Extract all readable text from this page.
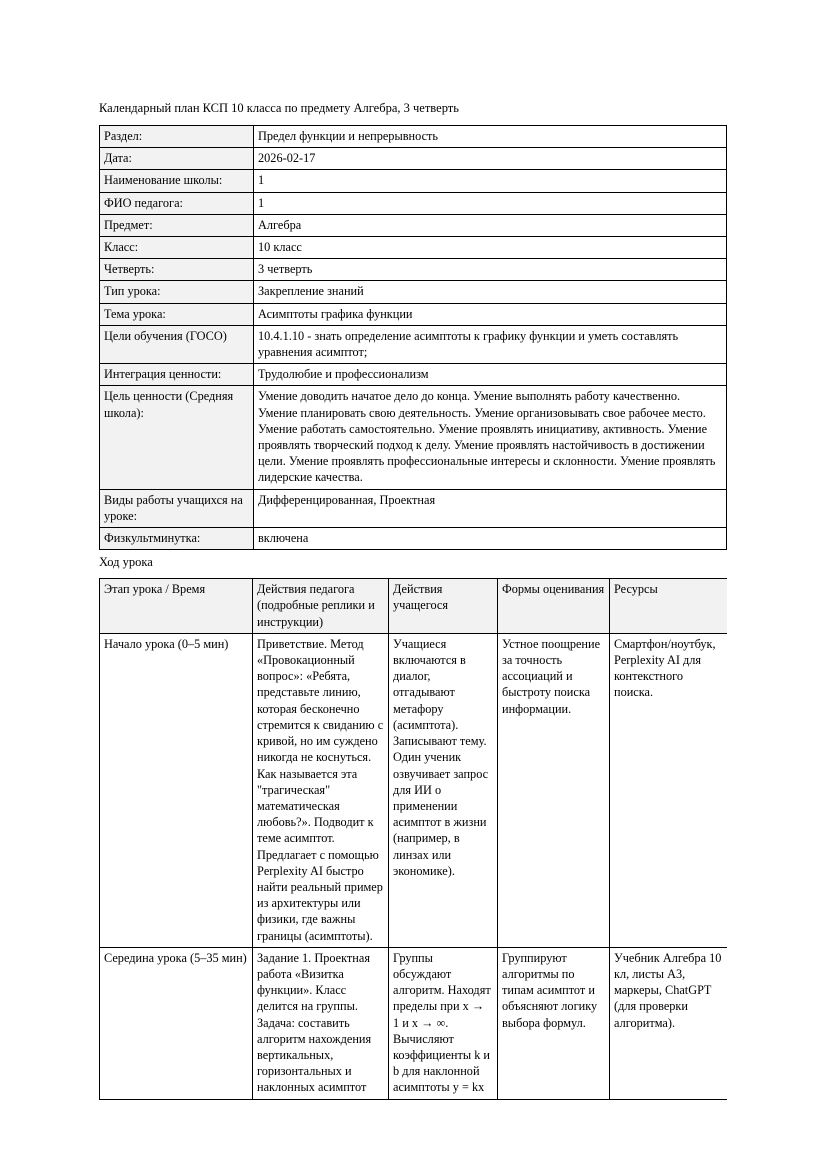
Календарный план КСП 10 класса по предмету Алгебра, 3 четверть

Раздел:	Предел функции и непрерывность
Дата:	2026-02-17
Наименование школы:	1
ФИО педагога:	1
Предмет:	Алгебра
Класс:	10 класс
Четверть:	3 четверть
Тип урока:	Закрепление знаний
Тема урока:	Асимптоты графика функции
Цели обучения (ГОСО)	10.4.1.10 - знать определение асимптоты к графику функции и уметь составлять уравнения асимптот;
Интеграция ценности:	Трудолюбие и профессионализм
Цель ценности (Средняя школа):	Умение доводить начатое дело до конца. Умение выполнять работу качественно. Умение планировать свою деятельность. Умение организовывать свое рабочее место. Умение работать самостоятельно. Умение проявлять инициативу, активность. Умение проявлять творческий подход к делу. Умение проявлять настойчивость в достижении цели. Умение проявлять профессиональные интересы и склонности. Умение проявлять лидерские качества.
Виды работы учащихся на уроке:	Дифференцированная, Проектная
Физкультминутка:	включена

Ход урока

Этап урока / Время	Действия педагога (подробные реплики и инструкции)	Действия учащегося	Формы оценивания	Ресурсы
Начало урока (0–5 мин)	Приветствие. Метод «Провокационный вопрос»: «Ребята, представьте линию, которая бесконечно стремится к свиданию с кривой, но им суждено никогда не коснуться. Как называется эта "трагическая" математическая любовь?». Подводит к теме асимптот. Предлагает с помощью Perplexity AI быстро найти реальный пример из архитектуры или физики, где важны границы (асимптоты).	Учащиеся включаются в диалог, отгадывают метафору (асимптота). Записывают тему. Один ученик озвучивает запрос для ИИ о применении асимптот в жизни (например, в линзах или экономике).	Устное поощрение за точность ассоциаций и быстроту поиска информации.	Смартфон/ноутбук, Perplexity AI для контекстного поиска.
Середина урока (5–35 мин)	Задание 1. Проектная работа «Визитка функции». Класс делится на группы. Задача: составить алгоритм нахождения вертикальных, горизонтальных и наклонных асимптот	Группы обсуждают алгоритм. Находят пределы при x → 1 и x → ∞. Вычисляют коэффициенты k и b для наклонной асимптоты y = kx	Группируют алгоритмы по типам асимптот и объясняют логику выбора формул.	Учебник Алгебра 10 кл, листы А3, маркеры, ChatGPT (для проверки алгоритма).
